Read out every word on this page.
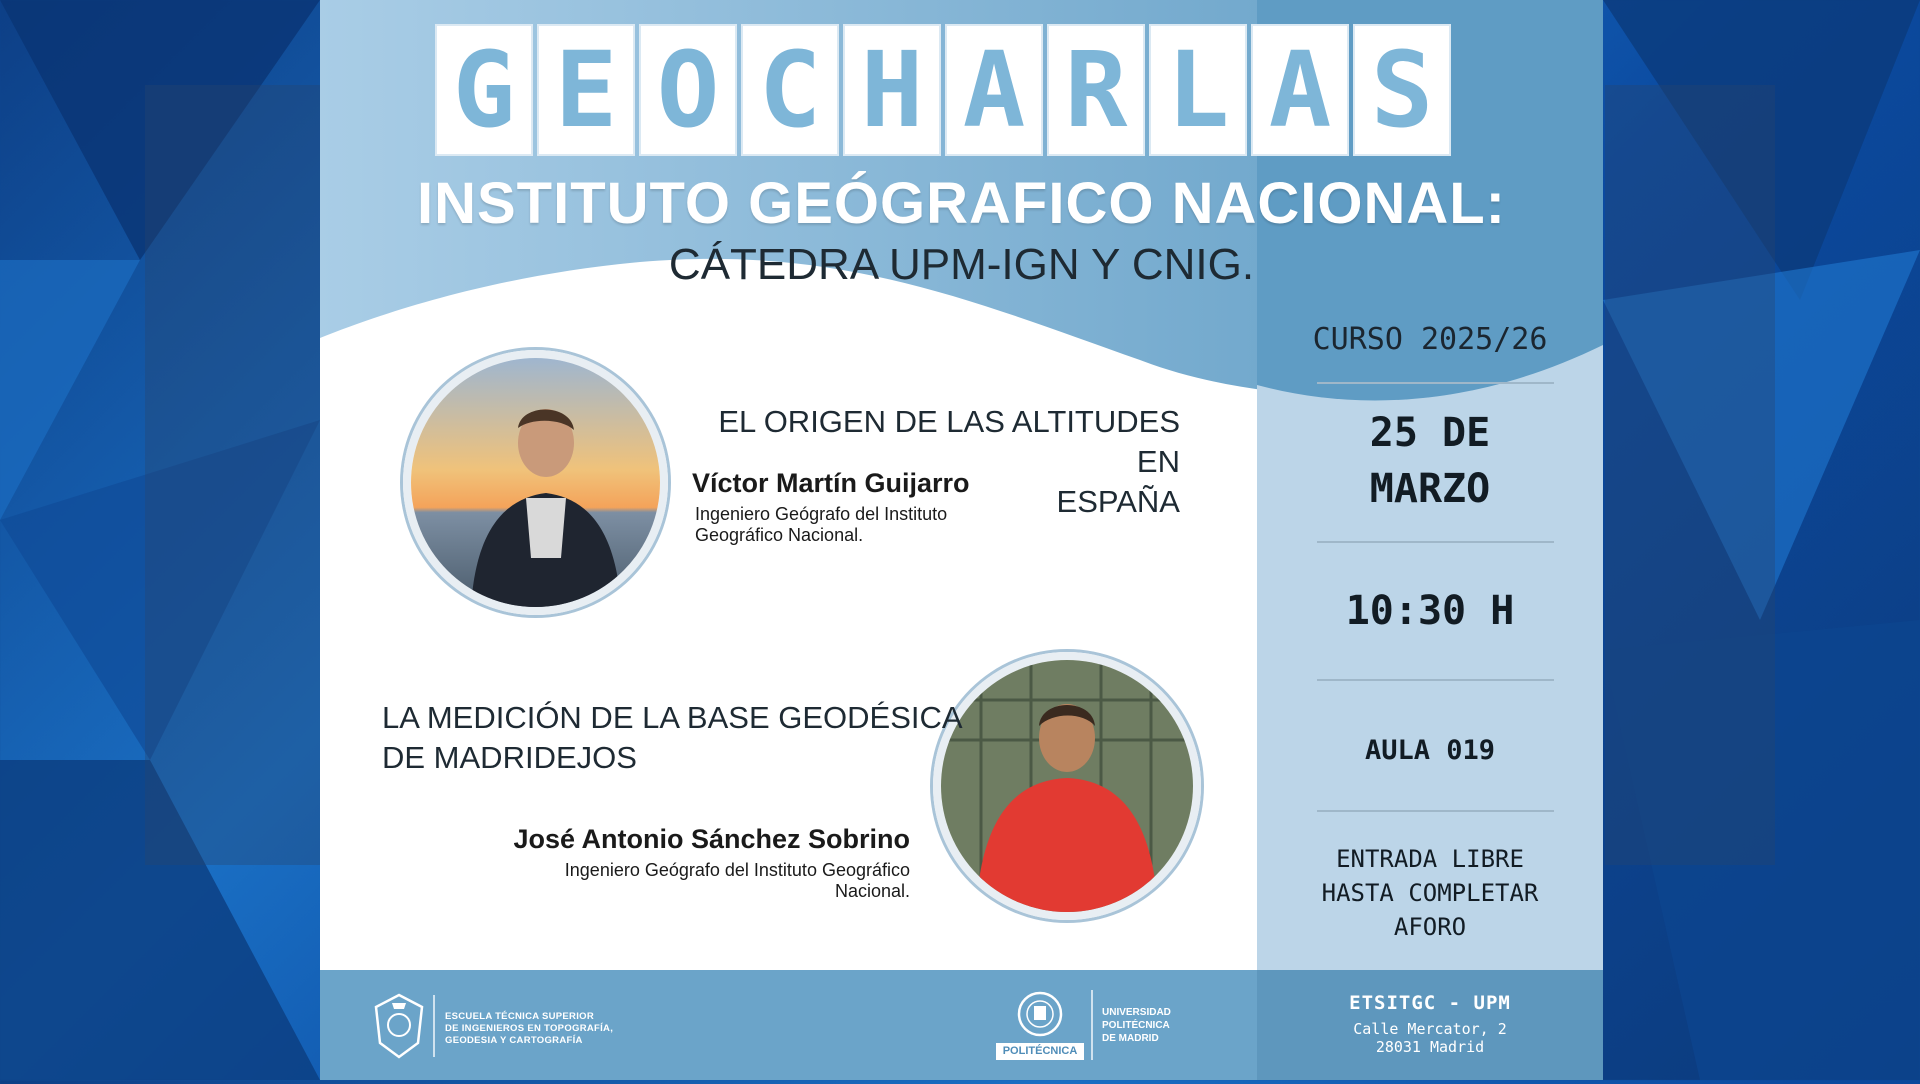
G E O C H A R L A S
INSTITUTO GEÓGRAFICO NACIONAL:
CÁTEDRA UPM-IGN Y CNIG.
CURSO 2025/26
25 DE
MARZO
10:30 H
AULA 019
ENTRADA LIBRE
HASTA COMPLETAR
AFORO
EL ORIGEN DE LAS ALTITUDES EN
ESPAÑA
Víctor Martín Guijarro
Ingeniero Geógrafo del Instituto
Geográfico Nacional.
LA MEDICIÓN DE LA BASE GEODÉSICA
DE MADRIDEJOS
José Antonio Sánchez Sobrino
Ingeniero Geógrafo del Instituto Geográfico
Nacional.
ESCUELA TÉCNICA SUPERIOR
DE INGENIEROS EN TOPOGRAFÍA,
GEODESIA Y CARTOGRAFÍA
POLITÉCNICA
UNIVERSIDAD
POLITÉCNICA
DE MADRID
ETSITGC - UPM
Calle Mercator, 2
28031 Madrid
